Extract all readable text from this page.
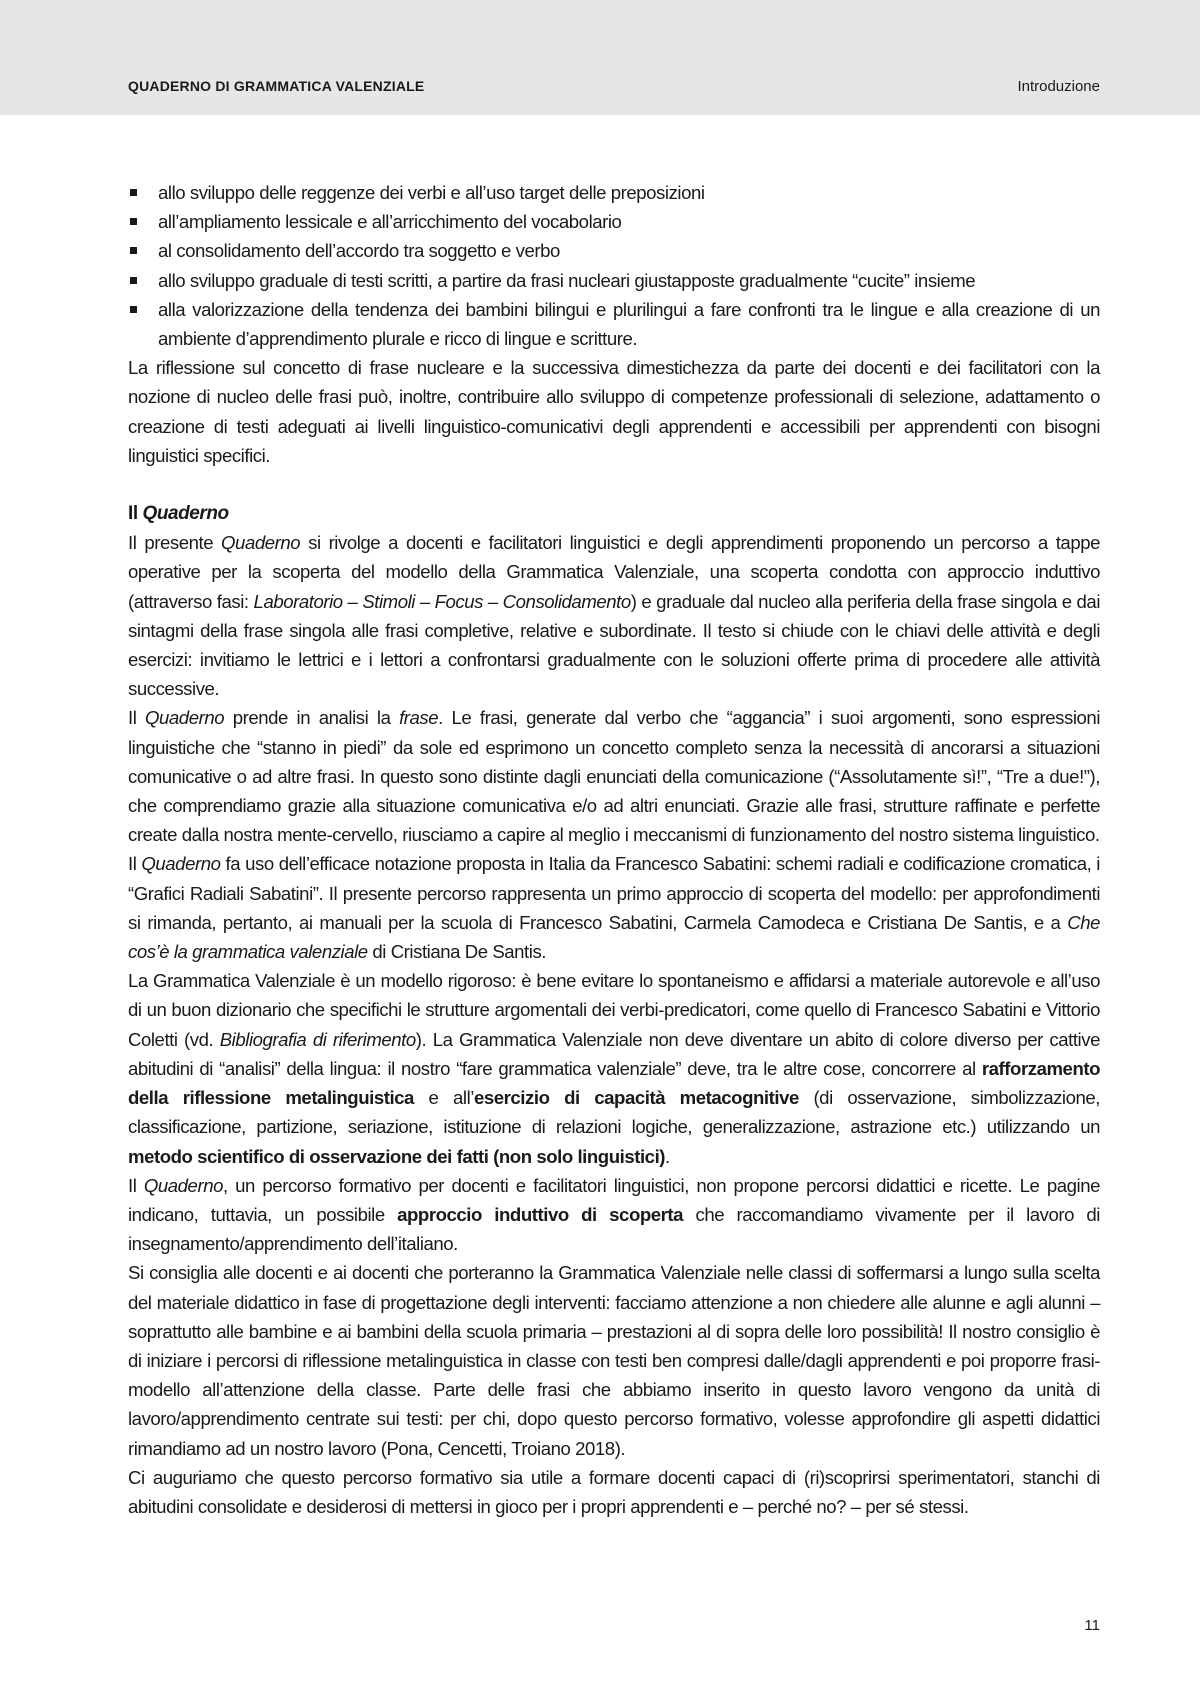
QUADERNO DI GRAMMATICA VALENZIALE	Introduzione
allo sviluppo delle reggenze dei verbi e all’uso target delle preposizioni
all’ampliamento lessicale e all’arricchimento del vocabolario
al consolidamento dell’accordo tra soggetto e verbo
allo sviluppo graduale di testi scritti, a partire da frasi nucleari giustapposte gradualmente “cucite” insieme
alla valorizzazione della tendenza dei bambini bilingui e plurilingui a fare confronti tra le lingue e alla creazione di un ambiente d’apprendimento plurale e ricco di lingue e scritture.

La riflessione sul concetto di frase nucleare e la successiva dimestichezza da parte dei docenti e dei facilitatori con la nozione di nucleo delle frasi può, inoltre, contribuire allo sviluppo di competenze professionali di selezione, adattamento o creazione di testi adeguati ai livelli linguistico-comunicativi degli apprendenti e accessibili per apprendenti con bisogni linguistici specifici.

Il Quaderno

Il presente Quaderno si rivolge a docenti e facilitatori linguistici e degli apprendimenti proponendo un percorso a tappe operative per la scoperta del modello della Grammatica Valenziale, una scoperta condotta con approccio induttivo (attraverso fasi: Laboratorio – Stimoli – Focus – Consolidamento) e graduale dal nucleo alla periferia della frase singola e dai sintagmi della frase singola alle frasi completive, relative e subordinate. Il testo si chiude con le chiavi delle attività e degli esercizi: invitiamo le lettrici e i lettori a confrontarsi gradualmente con le soluzioni offerte prima di procedere alle attività successive.

Il Quaderno prende in analisi la frase. Le frasi, generate dal verbo che “aggancia” i suoi argomenti, sono espressioni linguistiche che “stanno in piedi” da sole ed esprimono un concetto completo senza la necessità di ancorarsi a situazioni comunicative o ad altre frasi. In questo sono distinte dagli enunciati della comunicazione (“Assolutamente sì!”, “Tre a due!”), che comprendiamo grazie alla situazione comunicativa e/o ad altri enunciati. Grazie alle frasi, strutture raffinate e perfette create dalla nostra mente-cervello, riusciamo a capire al meglio i meccanismi di funzionamento del nostro sistema linguistico.

Il Quaderno fa uso dell’efficace notazione proposta in Italia da Francesco Sabatini: schemi radiali e codificazione cromatica, i “Grafici Radiali Sabatini”. Il presente percorso rappresenta un primo approccio di scoperta del modello: per approfondimenti si rimanda, pertanto, ai manuali per la scuola di Francesco Sabatini, Carmela Camodeca e Cristiana De Santis, e a Che cos’è la grammatica valenziale di Cristiana De Santis.

La Grammatica Valenziale è un modello rigoroso: è bene evitare lo spontaneismo e affidarsi a materiale autorevole e all’uso di un buon dizionario che specifichi le strutture argomentali dei verbi-predicatori, come quello di Francesco Sabatini e Vittorio Coletti (vd. Bibliografia di riferimento). La Grammatica Valenziale non deve diventare un abito di colore diverso per cattive abitudini di “analisi” della lingua: il nostro “fare grammatica valenziale” deve, tra le altre cose, concorrere al rafforzamento della riflessione metalinguistica e all’esercizio di capacità metacognitive (di osservazione, simbolizzazione, classificazione, partizione, seriazione, istituzione di relazioni logiche, generalizzazione, astrazione etc.) utilizzando un metodo scientifico di osservazione dei fatti (non solo linguistici).

Il Quaderno, un percorso formativo per docenti e facilitatori linguistici, non propone percorsi didattici e ricette. Le pagine indicano, tuttavia, un possibile approccio induttivo di scoperta che raccomandiamo vivamente per il lavoro di insegnamento/apprendimento dell’italiano.

Si consiglia alle docenti e ai docenti che porteranno la Grammatica Valenziale nelle classi di soffermarsi a lungo sulla scelta del materiale didattico in fase di progettazione degli interventi: facciamo attenzione a non chiedere alle alunne e agli alunni – soprattutto alle bambine e ai bambini della scuola primaria – prestazioni al di sopra delle loro possibilità! Il nostro consiglio è di iniziare i percorsi di riflessione metalinguistica in classe con testi ben compresi dalle/dagli apprendenti e poi proporre frasi-modello all’attenzione della classe. Parte delle frasi che abbiamo inserito in questo lavoro vengono da unità di lavoro/apprendimento centrate sui testi: per chi, dopo questo percorso formativo, volesse approfondire gli aspetti didattici rimandiamo ad un nostro lavoro (Pona, Cencetti, Troiano 2018).

Ci auguriamo che questo percorso formativo sia utile a formare docenti capaci di (ri)scoprirsi sperimentatori, stanchi di abitudini consolidate e desiderosi di mettersi in gioco per i propri apprendenti e – perché no? – per sé stessi.

11
